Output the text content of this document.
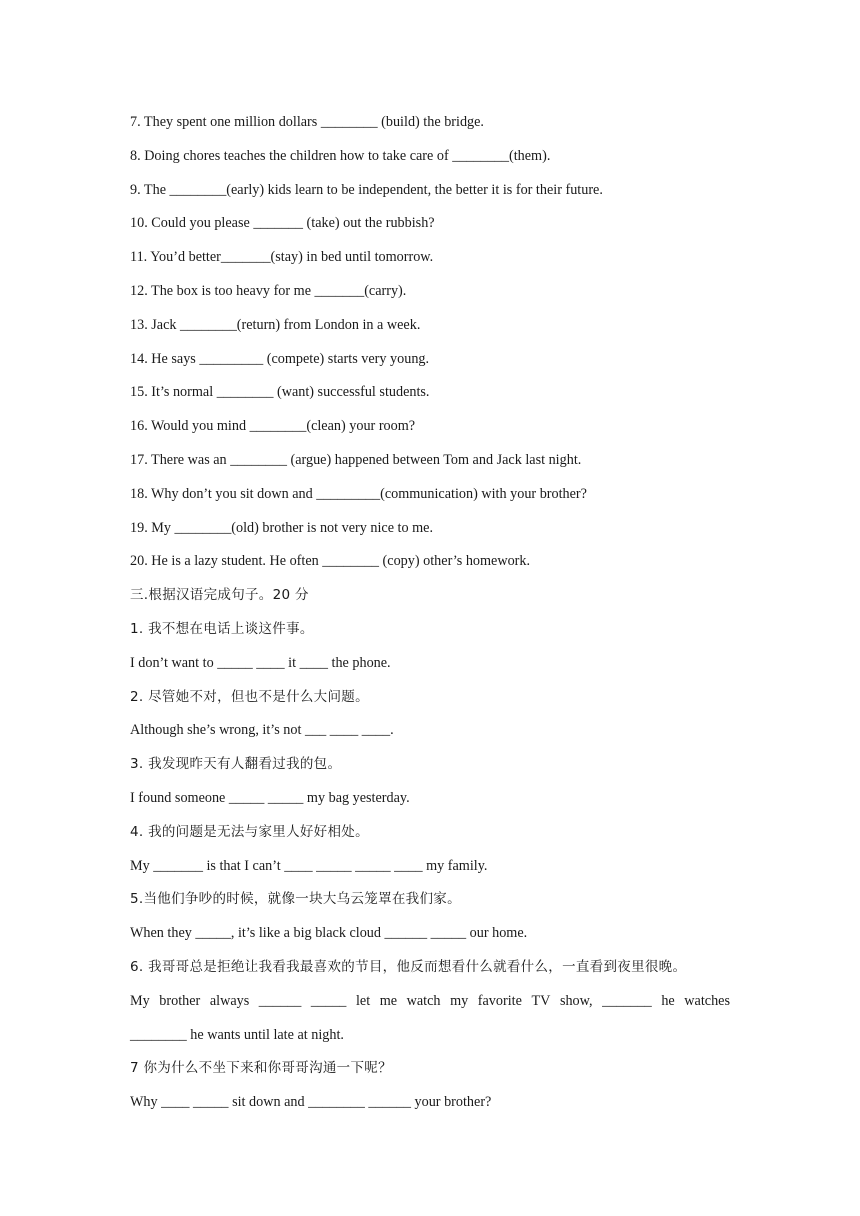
7. They spent one million dollars ________ (build) the bridge.
8. Doing chores teaches the children how to take care of ________(them).
9. The ________(early) kids learn to be independent, the better it is for their future.
10. Could you please _______ (take) out the rubbish?
11. You’d better_______(stay) in bed until tomorrow.
12. The box is too heavy for me _______(carry).
13. Jack ________(return) from London in a week.
14. He says _________ (compete) starts very young.
15. It’s normal ________ (want) successful students.
16. Would you mind ________(clean) your room?
17. There was an ________ (argue) happened between Tom and Jack last night.
18. Why don’t you sit down and _________(communication) with your brother?
19. My ________(old) brother is not very nice to me.
20. He is a lazy student. He often ________ (copy) other’s homework.
三.根据汉语完成句子。20 分
1. 我不想在电话上谈这件事。
I don’t want to _____ ____ it ____ the phone.
2. 尽管她不对，但也不是什么大问题。
Although she’s wrong, it’s not ___ ____ ____.
3. 我发现昨天有人翻看过我的包。
I found someone _____ _____ my bag yesterday.
4. 我的问题是无法与家里人好好相处。
My _______ is that I can’t ____ _____ _____ ____ my family.
5.当他们争吵的时候，就像一块大乌云笼罩在我们家。
When they _____, it’s like a big black cloud ______ _____ our home.
6. 我哥哥总是拒绝让我看我最喜欢的节目，他反而想看什么就看什么，一直看到夜里很晚。
My brother always ______ _____ let me watch my favorite TV show, _______ he watches
________ he wants until late at night.
7 你为什么不坐下来和你哥哥沟通一下呢？
Why ____ _____ sit down and ________ ______ your brother?
